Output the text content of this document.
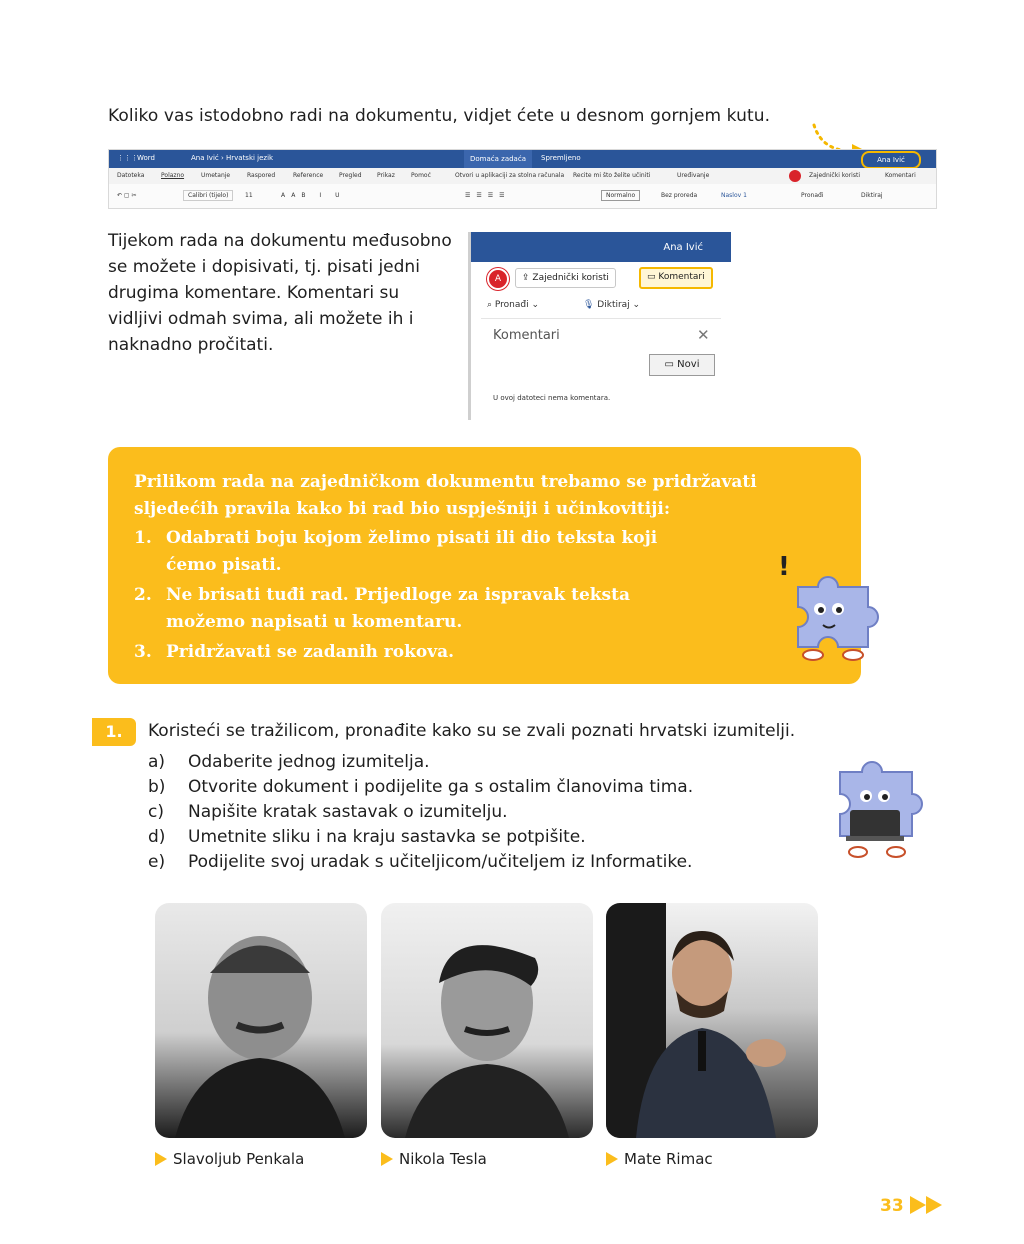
Koliko vas istodobno radi na dokumentu, vidjet ćete u desnom gornjem kutu.
⋮⋮⋮ Word	Ana Ivić › Hrvatski jezik	Domaća zadaća	Spremljeno	Ana Ivić
Datoteka	Polazno	Umetanje	Raspored	Reference	Pregled	Prikaz	Pomoć	Otvori u aplikaciji za stolna računala Recite mi što želite učiniti	Uređivanje	Zajednički koristi	Komentari
↶ ▢ ✂	Calibri (tijelo)	11	AAB I U	☰☰☰☰	Normalno	Bez proreda	Naslov 1	Pronađi	Diktiraj
Tijekom rada na dokumentu međusobno se možete i dopisivati, tj. pisati jedni drugima komentare. Komentari su vidljivi odmah svima, ali možete ih i naknadno pročitati.
Ana Ivić
A	⇪ Zajednički koristi	▭ Komentari
⌕ Pronađi ⌄	🎙 Diktiraj ⌄
Komentari	✕
▭ Novi
U ovoj datoteci nema komentara.
Prilikom rada na zajedničkom dokumentu trebamo se pridržavati sljedećih pravila kako bi rad bio uspješniji i učinkovitiji:
1. Odabrati boju kojom želimo pisati ili dio teksta koji ćemo pisati.
2. Ne brisati tuđi rad. Prijedloge za ispravak teksta možemo napisati u komentaru.
3. Pridržavati se zadanih rokova.
!
1.	Koristeći se tražilicom, pronađite kako su se zvali poznati hrvatski izumitelji.
a) Odaberite jednog izumitelja.
b) Otvorite dokument i podijelite ga s ostalim članovima tima.
c) Napišite kratak sastavak o izumitelju.
d) Umetnite sliku i na kraju sastavka se potpišite.
e) Podijelite svoj uradak s učiteljicom/učiteljem iz Informatike.
Slavoljub Penkala	Nikola Tesla	Mate Rimac
33
